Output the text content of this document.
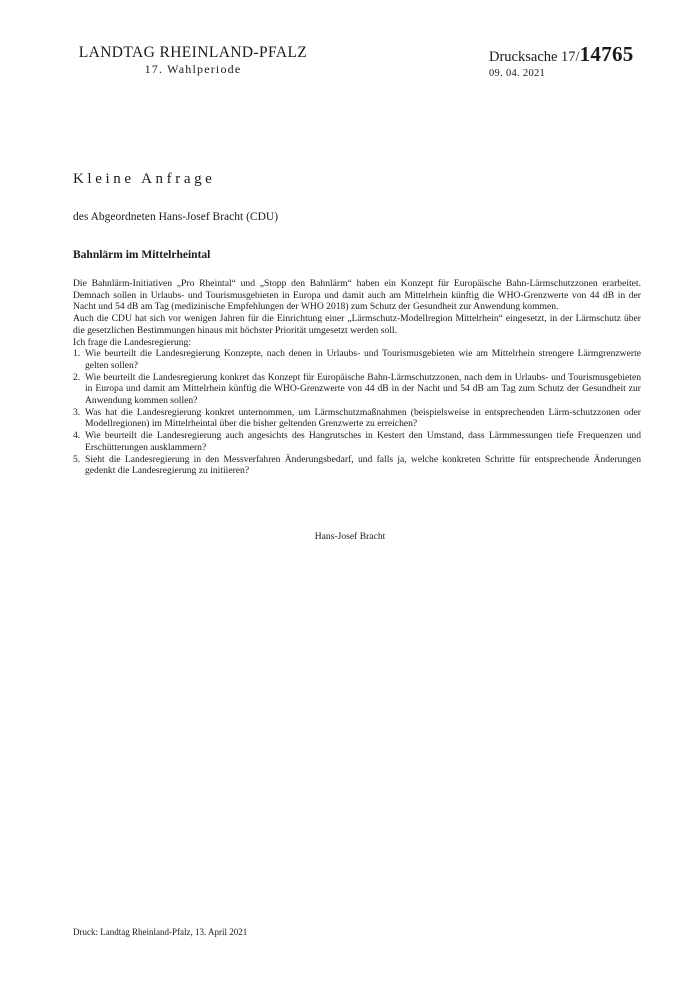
LANDTAG RHEINLAND-PFALZ
17. Wahlperiode
Drucksache 17/14765
09. 04. 2021
Kleine Anfrage
des Abgeordneten Hans-Josef Bracht (CDU)
Bahnlärm im Mittelrheintal

Die Bahnlärm-Initiativen „Pro Rheintal“ und „Stopp den Bahnlärm“ haben ein Konzept für Europäische Bahn-Lärmschutzzonen erarbeitet. Demnach sollen in Urlaubs- und Tourismusgebieten in Europa und damit auch am Mittelrhein künftig die WHO-Grenzwerte von 44 dB in der Nacht und 54 dB am Tag (medizinische Empfehlungen der WHO 2018) zum Schutz der Gesundheit zur Anwendung kommen.

Auch die CDU hat sich vor wenigen Jahren für die Einrichtung einer „Lärmschutz-Modellregion Mittelrhein“ eingesetzt, in der Lärmschutz über die gesetzlichen Bestimmungen hinaus mit höchster Priorität umgesetzt werden soll.

Ich frage die Landesregierung:

1. Wie beurteilt die Landesregierung Konzepte, nach denen in Urlaubs- und Tourismusgebieten wie am Mittelrhein strengere Lärmgrenzwerte gelten sollen?
2. Wie beurteilt die Landesregierung konkret das Konzept für Europäische Bahn-Lärmschutzzonen, nach dem in Urlaubs- und Tourismusgebieten in Europa und damit am Mittelrhein künftig die WHO-Grenzwerte von 44 dB in der Nacht und 54 dB am Tag zum Schutz der Gesundheit zur Anwendung kommen sollen?
3. Was hat die Landesregierung konkret unternommen, um Lärmschutzmaßnahmen (beispielsweise in entsprechenden Lärm-schutzzonen oder Modellregionen) im Mittelrheintal über die bisher geltenden Grenzwerte zu erreichen?
4. Wie beurteilt die Landesregierung auch angesichts des Hangrutsches in Kestert den Umstand, dass Lärmmessungen tiefe Frequenzen und Erschütterungen ausklammern?
5. Sieht die Landesregierung in den Messverfahren Änderungsbedarf, und falls ja, welche konkreten Schritte für entsprechende Änderungen gedenkt die Landesregierung zu initiieren?
Hans-Josef Bracht
Druck: Landtag Rheinland-Pfalz, 13. April 2021
